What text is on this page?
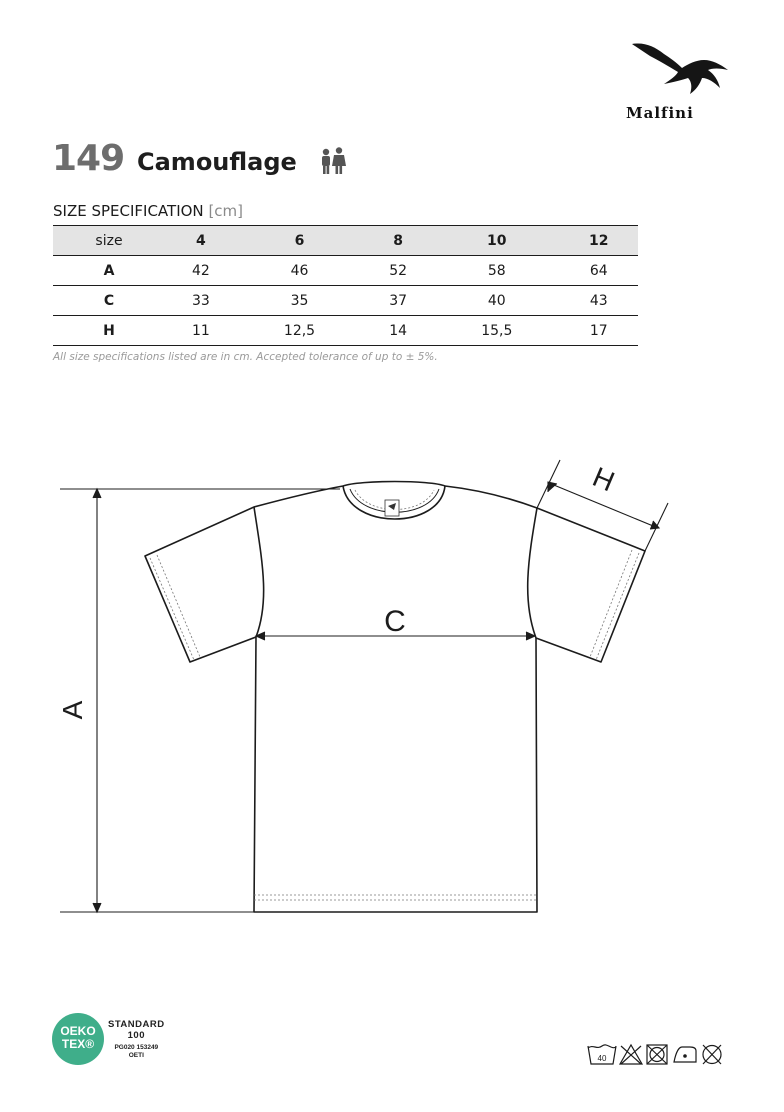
Malfini
149 Camouflage
SIZE SPECIFICATION [cm]
size	4	6	8	10	12
A	42	46	52	58	64
C	33	35	37	40	43
H	11	12,5	14	15,5	17
All size specifications listed are in cm. Accepted tolerance of up to ± 5%.
A
C
H
OEKO
TEX®
STANDARD
100
PG020 153249
OETI	40
